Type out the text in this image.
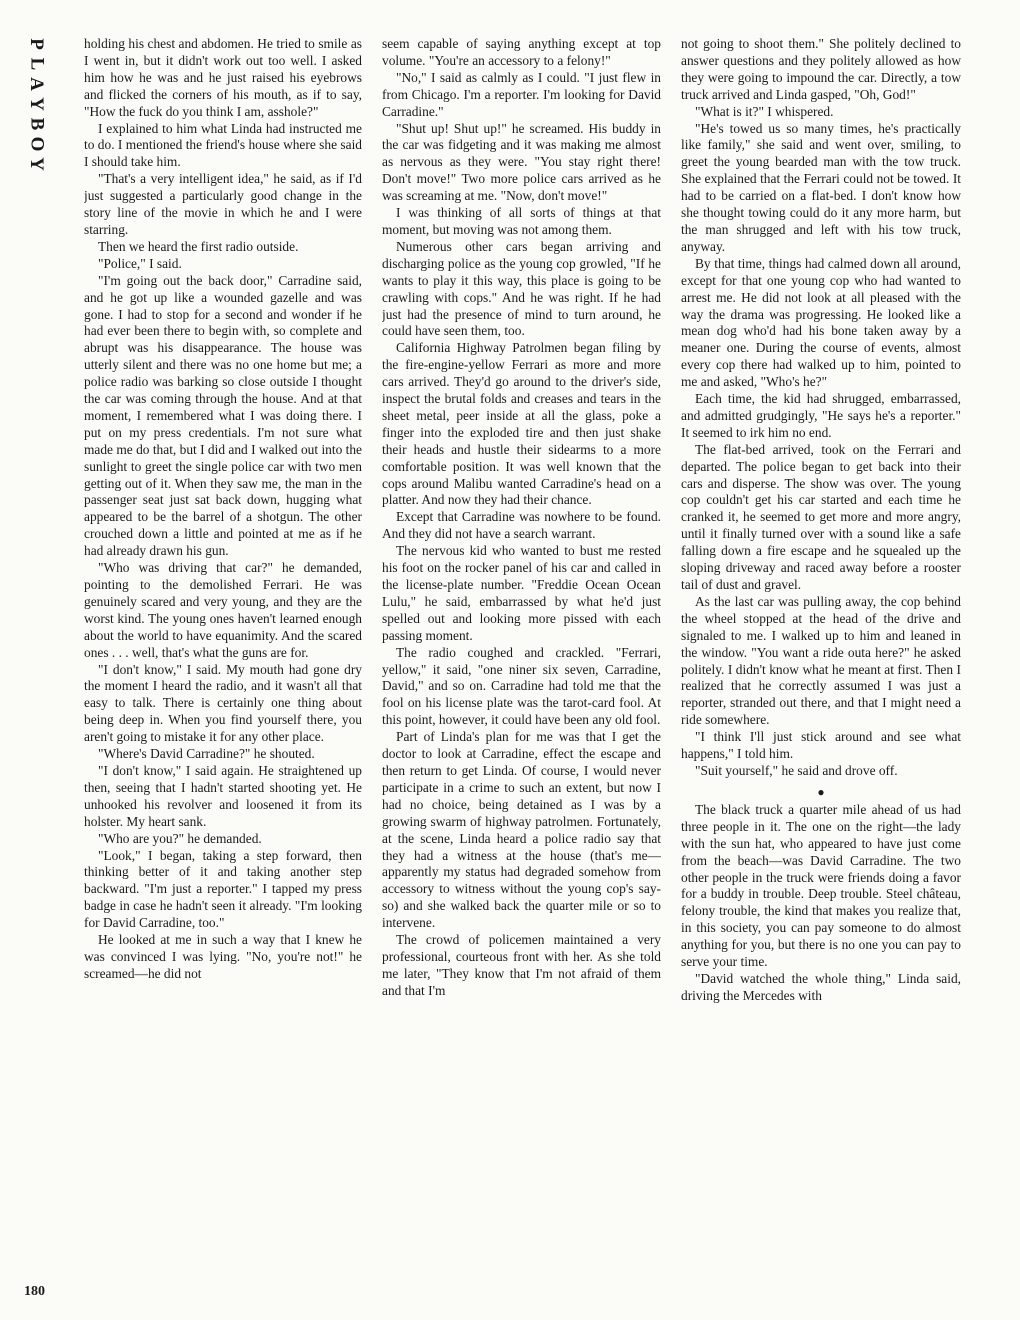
P
L
A
Y
B
O
Y
180

holding his chest and abdomen. He tried to smile as I went in, but it didn't work out too well. I asked him how he was and he just raised his eyebrows and flicked the corners of his mouth, as if to say, "How the fuck do you think I am, asshole?"

I explained to him what Linda had instructed me to do. I mentioned the friend's house where she said I should take him.

"That's a very intelligent idea," he said, as if I'd just suggested a particularly good change in the story line of the movie in which he and I were starring.

Then we heard the first radio outside.

"Police," I said.

"I'm going out the back door," Carradine said, and he got up like a wounded gazelle and was gone. I had to stop for a second and wonder if he had ever been there to begin with, so complete and abrupt was his disappearance. The house was utterly silent and there was no one home but me; a police radio was barking so close outside I thought the car was coming through the house. And at that moment, I remembered what I was doing there. I put on my press credentials. I'm not sure what made me do that, but I did and I walked out into the sunlight to greet the single police car with two men getting out of it. When they saw me, the man in the passenger seat just sat back down, hugging what appeared to be the barrel of a shotgun. The other crouched down a little and pointed at me as if he had already drawn his gun.

"Who was driving that car?" he demanded, pointing to the demolished Ferrari. He was genuinely scared and very young, and they are the worst kind. The young ones haven't learned enough about the world to have equanimity. And the scared ones . . . well, that's what the guns are for.

"I don't know," I said. My mouth had gone dry the moment I heard the radio, and it wasn't all that easy to talk. There is certainly one thing about being deep in. When you find yourself there, you aren't going to mistake it for any other place.

"Where's David Carradine?" he shouted.

"I don't know," I said again. He straightened up then, seeing that I hadn't started shooting yet. He unhooked his revolver and loosened it from its holster. My heart sank.

"Who are you?" he demanded.

"Look," I began, taking a step forward, then thinking better of it and taking another step backward. "I'm just a reporter." I tapped my press badge in case he hadn't seen it already. "I'm looking for David Carradine, too."

He looked at me in such a way that I knew he was convinced I was lying. "No, you're not!" he screamed—he did not

seem capable of saying anything except at top volume. "You're an accessory to a felony!"

"No," I said as calmly as I could. "I just flew in from Chicago. I'm a reporter. I'm looking for David Carradine."

"Shut up! Shut up!" he screamed. His buddy in the car was fidgeting and it was making me almost as nervous as they were. "You stay right there! Don't move!" Two more police cars arrived as he was screaming at me. "Now, don't move!"

I was thinking of all sorts of things at that moment, but moving was not among them.

Numerous other cars began arriving and discharging police as the young cop growled, "If he wants to play it this way, this place is going to be crawling with cops." And he was right. If he had just had the presence of mind to turn around, he could have seen them, too.

California Highway Patrolmen began filing by the fire-engine-yellow Ferrari as more and more cars arrived. They'd go around to the driver's side, inspect the brutal folds and creases and tears in the sheet metal, peer inside at all the glass, poke a finger into the exploded tire and then just shake their heads and hustle their sidearms to a more comfortable position. It was well known that the cops around Malibu wanted Carradine's head on a platter. And now they had their chance.

Except that Carradine was nowhere to be found. And they did not have a search warrant.

The nervous kid who wanted to bust me rested his foot on the rocker panel of his car and called in the license-plate number. "Freddie Ocean Ocean Lulu," he said, embarrassed by what he'd just spelled out and looking more pissed with each passing moment.

The radio coughed and crackled. "Ferrari, yellow," it said, "one niner six seven, Carradine, David," and so on. Carradine had told me that the fool on his license plate was the tarot-card fool. At this point, however, it could have been any old fool.

Part of Linda's plan for me was that I get the doctor to look at Carradine, effect the escape and then return to get Linda. Of course, I would never participate in a crime to such an extent, but now I had no choice, being detained as I was by a growing swarm of highway patrolmen. Fortunately, at the scene, Linda heard a police radio say that they had a witness at the house (that's me—apparently my status had degraded somehow from accessory to witness without the young cop's say-so) and she walked back the quarter mile or so to intervene.

The crowd of policemen maintained a very professional, courteous front with her. As she told me later, "They know that I'm not afraid of them and that I'm

not going to shoot them." She politely declined to answer questions and they politely allowed as how they were going to impound the car. Directly, a tow truck arrived and Linda gasped, "Oh, God!"

"What is it?" I whispered.

"He's towed us so many times, he's practically like family," she said and went over, smiling, to greet the young bearded man with the tow truck. She explained that the Ferrari could not be towed. It had to be carried on a flat-bed. I don't know how she thought towing could do it any more harm, but the man shrugged and left with his tow truck, anyway.

By that time, things had calmed down all around, except for that one young cop who had wanted to arrest me. He did not look at all pleased with the way the drama was progressing. He looked like a mean dog who'd had his bone taken away by a meaner one. During the course of events, almost every cop there had walked up to him, pointed to me and asked, "Who's he?"

Each time, the kid had shrugged, embarrassed, and admitted grudgingly, "He says he's a reporter." It seemed to irk him no end.

The flat-bed arrived, took on the Ferrari and departed. The police began to get back into their cars and disperse. The show was over. The young cop couldn't get his car started and each time he cranked it, he seemed to get more and more angry, until it finally turned over with a sound like a safe falling down a fire escape and he squealed up the sloping driveway and raced away before a rooster tail of dust and gravel.

As the last car was pulling away, the cop behind the wheel stopped at the head of the drive and signaled to me. I walked up to him and leaned in the window. "You want a ride outa here?" he asked politely. I didn't know what he meant at first. Then I realized that he correctly assumed I was just a reporter, stranded out there, and that I might need a ride somewhere.

"I think I'll just stick around and see what happens," I told him.

"Suit yourself," he said and drove off.

●

The black truck a quarter mile ahead of us had three people in it. The one on the right—the lady with the sun hat, who appeared to have just come from the beach—was David Carradine. The two other people in the truck were friends doing a favor for a buddy in trouble. Deep trouble. Steel château, felony trouble, the kind that makes you realize that, in this society, you can pay someone to do almost anything for you, but there is no one you can pay to serve your time.

"David watched the whole thing," Linda said, driving the Mercedes with
